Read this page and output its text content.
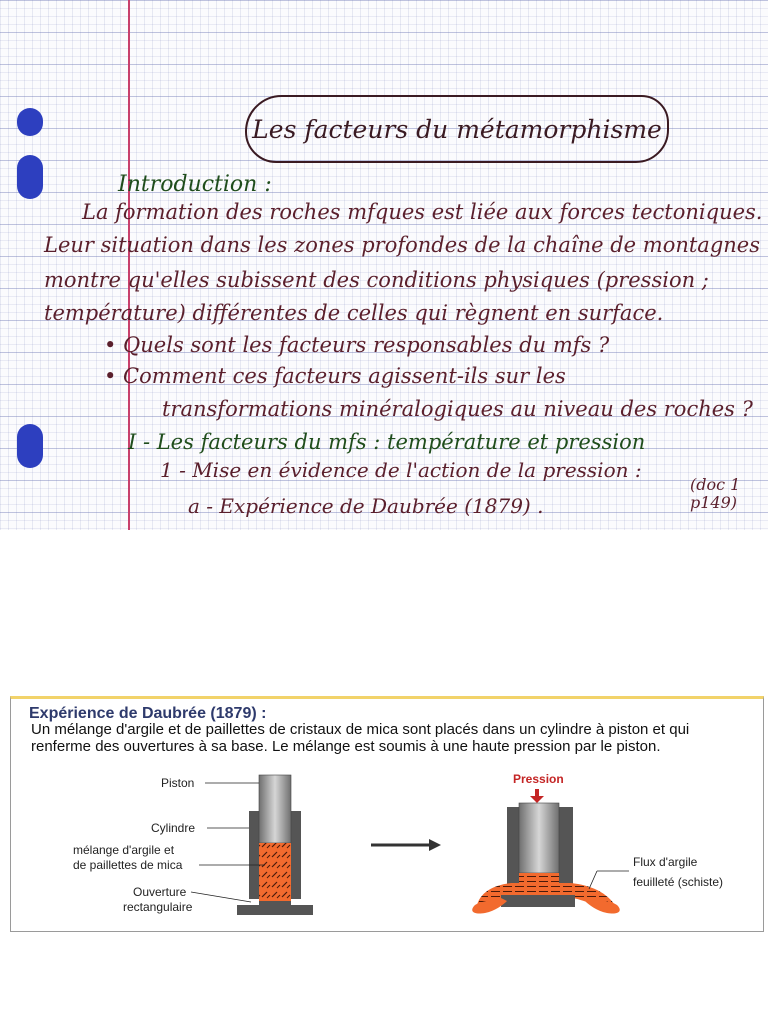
Les facteurs du métamorphisme
Introduction :
La formation des roches mfques est liée aux forces tectoniques.
Leur situation dans les zones profondes de la chaîne de montagnes
montre qu'elles subissent des conditions physiques (pression ;
température) différentes de celles qui règnent en surface.
• Quels sont les facteurs responsables du mfs ?
• Comment ces facteurs agissent-ils sur les
transformations minéralogiques au niveau des roches ?
I - Les facteurs du mfs : température et pression
1 - Mise en évidence de l'action de la pression :
(doc 1 p149)
a - Expérience de Daubrée (1879) .
Expérience de Daubrée (1879) :
Un mélange d'argile et de paillettes de cristaux de mica sont placés dans un cylindre à piston et qui renferme des ouvertures à sa base. Le mélange est soumis à une haute pression par le piston.
Piston
Cylindre
mélange d'argile et
de paillettes de mica
Ouverture
rectangulaire
Pression
Flux d'argile
feuilleté (schiste)
